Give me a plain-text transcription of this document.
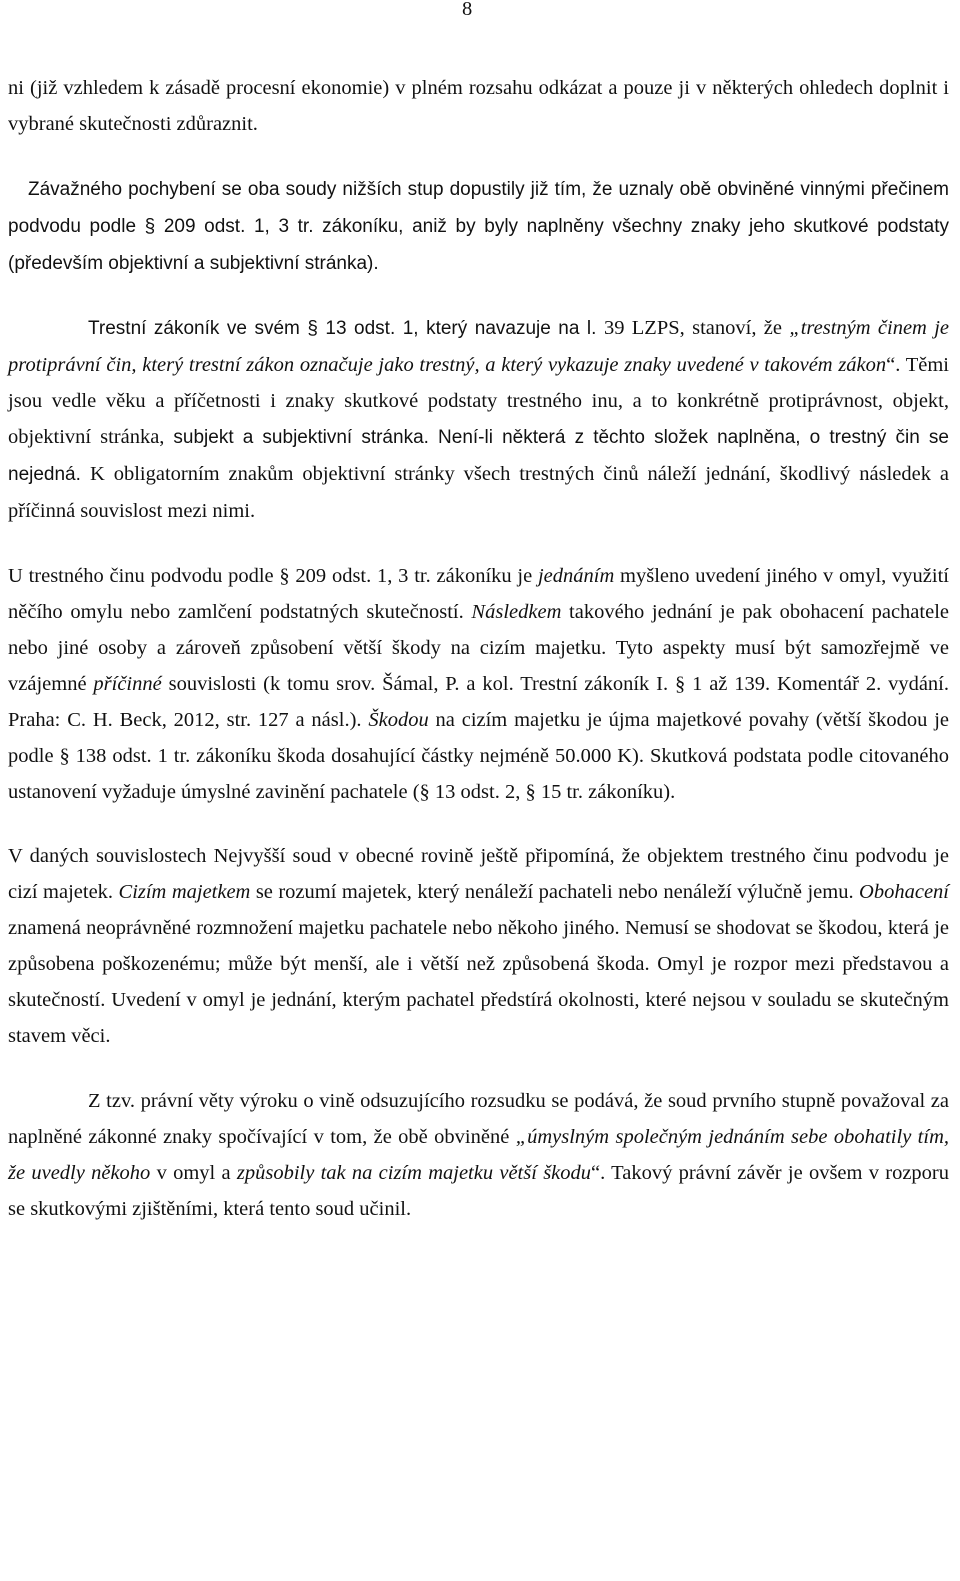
8

ni (již vzhledem k zásadě procesní ekonomie) v plném rozsahu odkázat a pouze ji v některých ohledech doplnit i vybrané skutečnosti zdůraznit.

Závažného pochybení se oba soudy nižších stup dopustily již tím, že uznaly obě obviněné vinnými přečinem podvodu podle § 209 odst. 1, 3 tr. zákoníku, aniž by byly naplněny všechny znaky jeho skutkové podstaty (především objektivní a subjektivní stránka).

Trestní zákoník ve svém § 13 odst. 1, který navazuje na l. 39 LZPS, stanoví, že „trestným činem je protiprávní čin, který trestní zákon označuje jako trestný, a který vykazuje znaky uvedené v takovém zákon“. Těmi jsou vedle věku a příčetnosti i znaky skutkové podstaty trestného inu, a to konkrétně protiprávnost, objekt, objektivní stránka, subjekt a subjektivní stránka. Není-li některá z těchto složek naplněna, o trestný čin se nejedná. K obligatorním znakům objektivní stránky všech trestných činů náleží jednání, škodlivý následek a příčinná souvislost mezi nimi.

U trestného činu podvodu podle § 209 odst. 1, 3 tr. zákoníku je jednáním myšleno uvedení jiného v omyl, využití něčího omylu nebo zamlčení podstatných skutečností. Následkem takového jednání je pak obohacení pachatele nebo jiné osoby a zároveň způsobení větší škody na cizím majetku. Tyto aspekty musí být samozřejmě ve vzájemné příčinné souvislosti (k tomu srov. Šámal, P. a kol. Trestní zákoník I. § 1 až 139. Komentář 2. vydání. Praha: C. H. Beck, 2012, str. 127 a násl.). Škodou na cizím majetku je újma majetkové povahy (větší škodou je podle § 138 odst. 1 tr. zákoníku škoda dosahující částky nejméně 50.000 K). Skutková podstata podle citovaného ustanovení vyžaduje úmyslné zavinění pachatele (§ 13 odst. 2, § 15 tr. zákoníku).

V daných souvislostech Nejvyšší soud v obecné rovině ještě připomíná, že objektem trestného činu podvodu je cizí majetek. Cizím majetkem se rozumí majetek, který nenáleží pachateli nebo nenáleží výlučně jemu. Obohacení znamená neoprávněné rozmnožení majetku pachatele nebo někoho jiného. Nemusí se shodovat se škodou, která je způsobena poškozenému; může být menší, ale i větší než způsobená škoda. Omyl je rozpor mezi představou a skutečností. Uvedení v omyl je jednání, kterým pachatel předstírá okolnosti, které nejsou v souladu se skutečným stavem věci.

Z tzv. právní věty výroku o vině odsuzujícího rozsudku se podává, že soud prvního stupně považoval za naplněné zákonné znaky spočívající v tom, že obě obviněné „úmyslným společným jednáním sebe obohatily tím, že uvedly někoho v omyl a způsobily tak na cizím majetku větší škodu“. Takový právní závěr je ovšem v rozporu se skutkovými zjištěními, která tento soud učinil.
